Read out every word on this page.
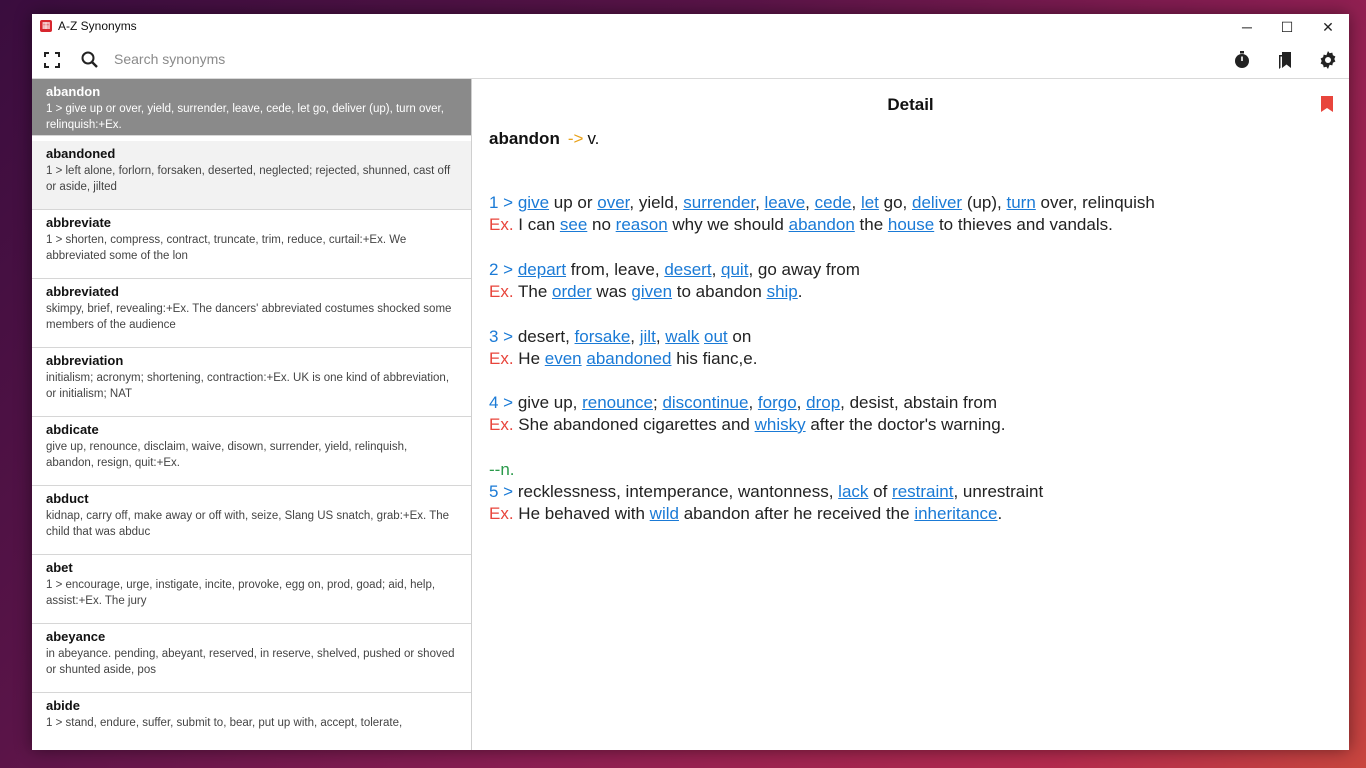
▦ A-Z Synonyms	─	☐	✕
Search synonyms
abandon
1 > give up or over, yield, surrender, leave, cede, let go, deliver (up), turn over, relinquish:+Ex.
abandoned
1 > left alone, forlorn, forsaken, deserted, neglected; rejected, shunned, cast off or aside, jilted
abbreviate
1 > shorten, compress, contract, truncate, trim, reduce, curtail:+Ex. We abbreviated some of the lon
abbreviated
skimpy, brief, revealing:+Ex. The dancers' abbreviated costumes shocked some members of the audience
abbreviation
initialism; acronym; shortening, contraction:+Ex. UK is one kind of abbreviation, or initialism; NAT
abdicate
give up, renounce, disclaim, waive, disown, surrender, yield, relinquish, abandon, resign, quit:+Ex.
abduct
kidnap, carry off, make away or off with, seize, Slang US snatch, grab:+Ex. The child that was abduc
abet
1 > encourage, urge, instigate, incite, provoke, egg on, prod, goad; aid, help, assist:+Ex. The jury
abeyance
in abeyance. pending, abeyant, reserved, in reserve, shelved, pushed or shoved or shunted aside, pos
abide
1 > stand, endure, suffer, submit to, bear, put up with, accept, tolerate,
Detail
abandon -> v.
1 > give up or over, yield, surrender, leave, cede, let go, deliver (up), turn over, relinquish
Ex. I can see no reason why we should abandon the house to thieves and vandals.
2 > depart from, leave, desert, quit, go away from
Ex. The order was given to abandon ship.
3 > desert, forsake, jilt, walk out on
Ex. He even abandoned his fianc,e.
4 > give up, renounce; discontinue, forgo, drop, desist, abstain from
Ex. She abandoned cigarettes and whisky after the doctor's warning.
--n.
5 > recklessness, intemperance, wantonness, lack of restraint, unrestraint
Ex. He behaved with wild abandon after he received the inheritance.
